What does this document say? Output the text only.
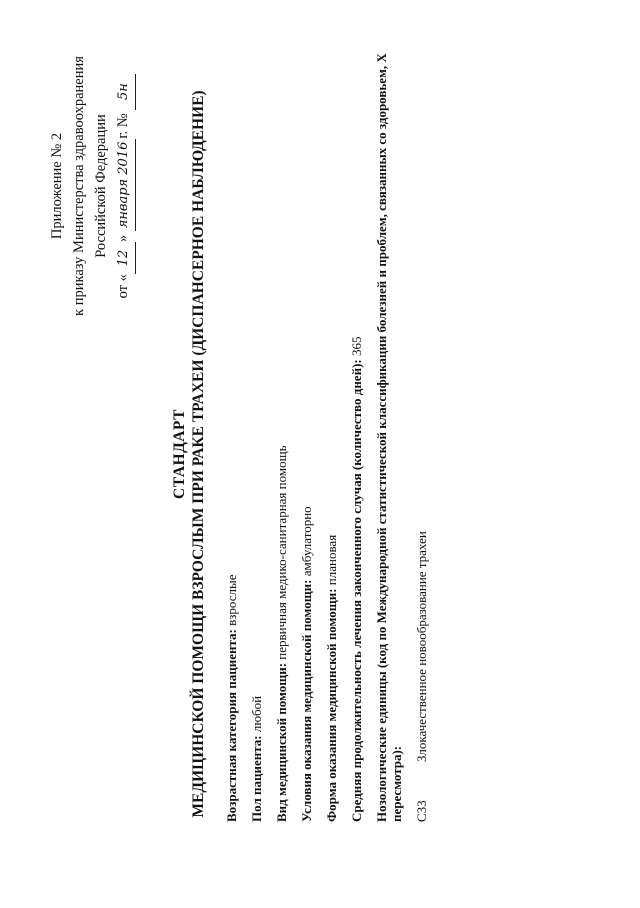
Приложение № 2 к приказу Министерства здравоохранения Российской Федерации
от «12» января 2016г. № 5н
СТАНДАРТ МЕДИЦИНСКОЙ ПОМОЩИ ВЗРОСЛЫМ ПРИ РАКЕ ТРАХЕИ (ДИСПАНСЕРНОЕ НАБЛЮДЕНИЕ) Возрастная категория пациента: взрослые
Пол пациента: любой Вид медицинской помощи: первичная медико-санитарная помощь
Условия оказания медицинской помощи: амбулаторно
Форма оказания медицинской помощи: плановая Средняя продолжительность лечения законченного случая (количество дней): 365 Нозологические единицы (код по Международной статистической классификации болезней и проблем, связанных со здоровьем, X пересмотра): C33
Злокачественное новообразование трахеи
